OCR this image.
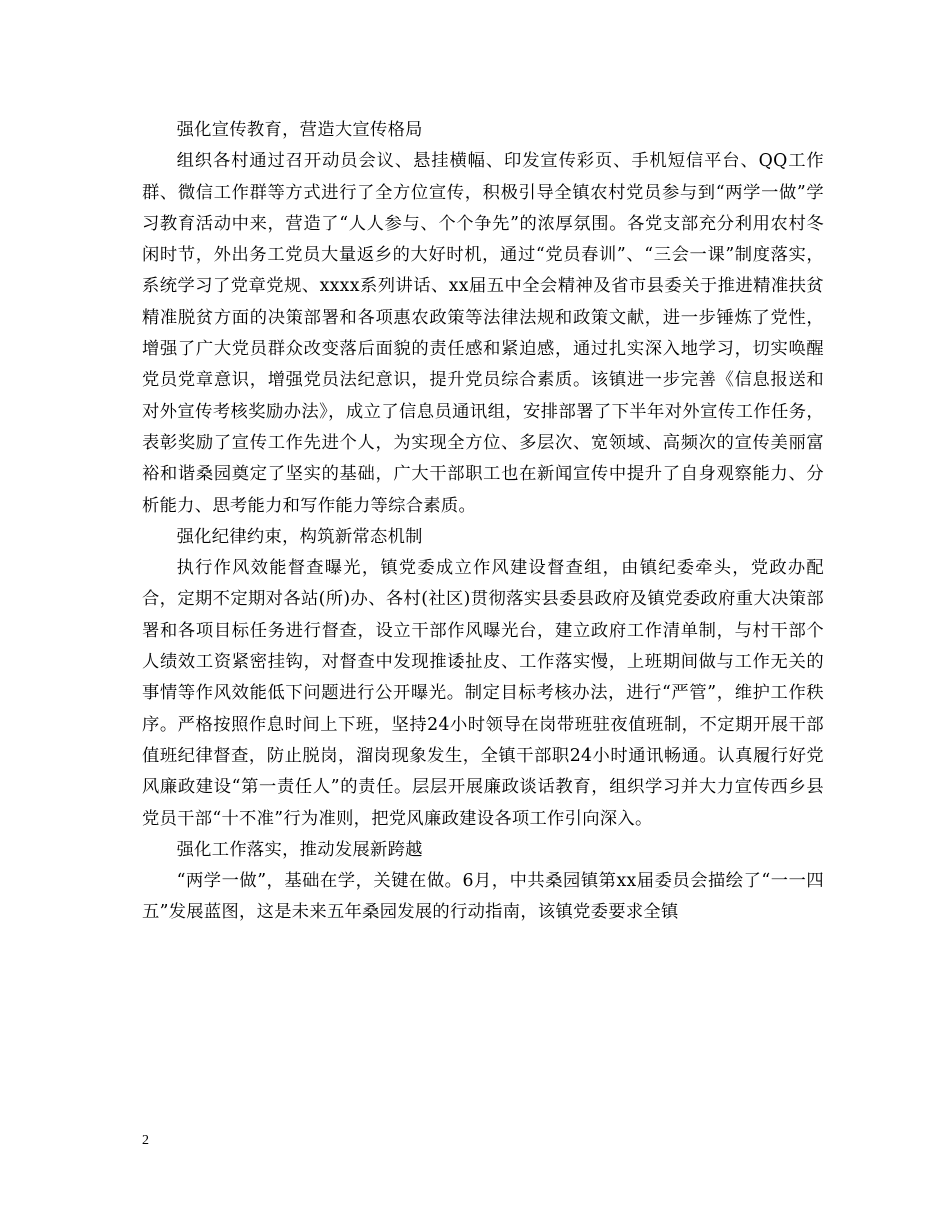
强化宣传教育，营造大宣传格局

组织各村通过召开动员会议、悬挂横幅、印发宣传彩页、手机短信平台、QQ工作群、微信工作群等方式进行了全方位宣传，积极引导全镇农村党员参与到“两学一做”学习教育活动中来，营造了“人人参与、个个争先”的浓厚氛围。各党支部充分利用农村冬闲时节，外出务工党员大量返乡的大好时机，通过“党员春训”、“三会一课”制度落实，系统学习了党章党规、xxxx系列讲话、xx届五中全会精神及省市县委关于推进精准扶贫精准脱贫方面的决策部署和各项惠农政策等法律法规和政策文献，进一步锤炼了党性，增强了广大党员群众改变落后面貌的责任感和紧迫感，通过扎实深入地学习，切实唤醒党员党章意识，增强党员法纪意识，提升党员综合素质。该镇进一步完善《信息报送和对外宣传考核奖励办法》，成立了信息员通讯组，安排部署了下半年对外宣传工作任务，表彰奖励了宣传工作先进个人，为实现全方位、多层次、宽领域、高频次的宣传美丽富裕和谐桑园奠定了坚实的基础，广大干部职工也在新闻宣传中提升了自身观察能力、分析能力、思考能力和写作能力等综合素质。

强化纪律约束，构筑新常态机制

执行作风效能督查曝光，镇党委成立作风建设督查组，由镇纪委牵头，党政办配合，定期不定期对各站(所)办、各村(社区)贯彻落实县委县政府及镇党委政府重大决策部署和各项目标任务进行督查，设立干部作风曝光台，建立政府工作清单制，与村干部个人绩效工资紧密挂钩，对督查中发现推诿扯皮、工作落实慢，上班期间做与工作无关的事情等作风效能低下问题进行公开曝光。制定目标考核办法，进行“严管”，维护工作秩序。严格按照作息时间上下班，坚持24小时领导在岗带班驻夜值班制，不定期开展干部值班纪律督查，防止脱岗，溜岗现象发生，全镇干部职24小时通讯畅通。认真履行好党风廉政建设“第一责任人”的责任。层层开展廉政谈话教育，组织学习并大力宣传西乡县党员干部“十不准”行为准则，把党风廉政建设各项工作引向深入。

强化工作落实，推动发展新跨越

“两学一做”，基础在学，关键在做。6月，中共桑园镇第xx届委员会描绘了“一一四五”发展蓝图，这是未来五年桑园发展的行动指南，该镇党委要求全镇

2
